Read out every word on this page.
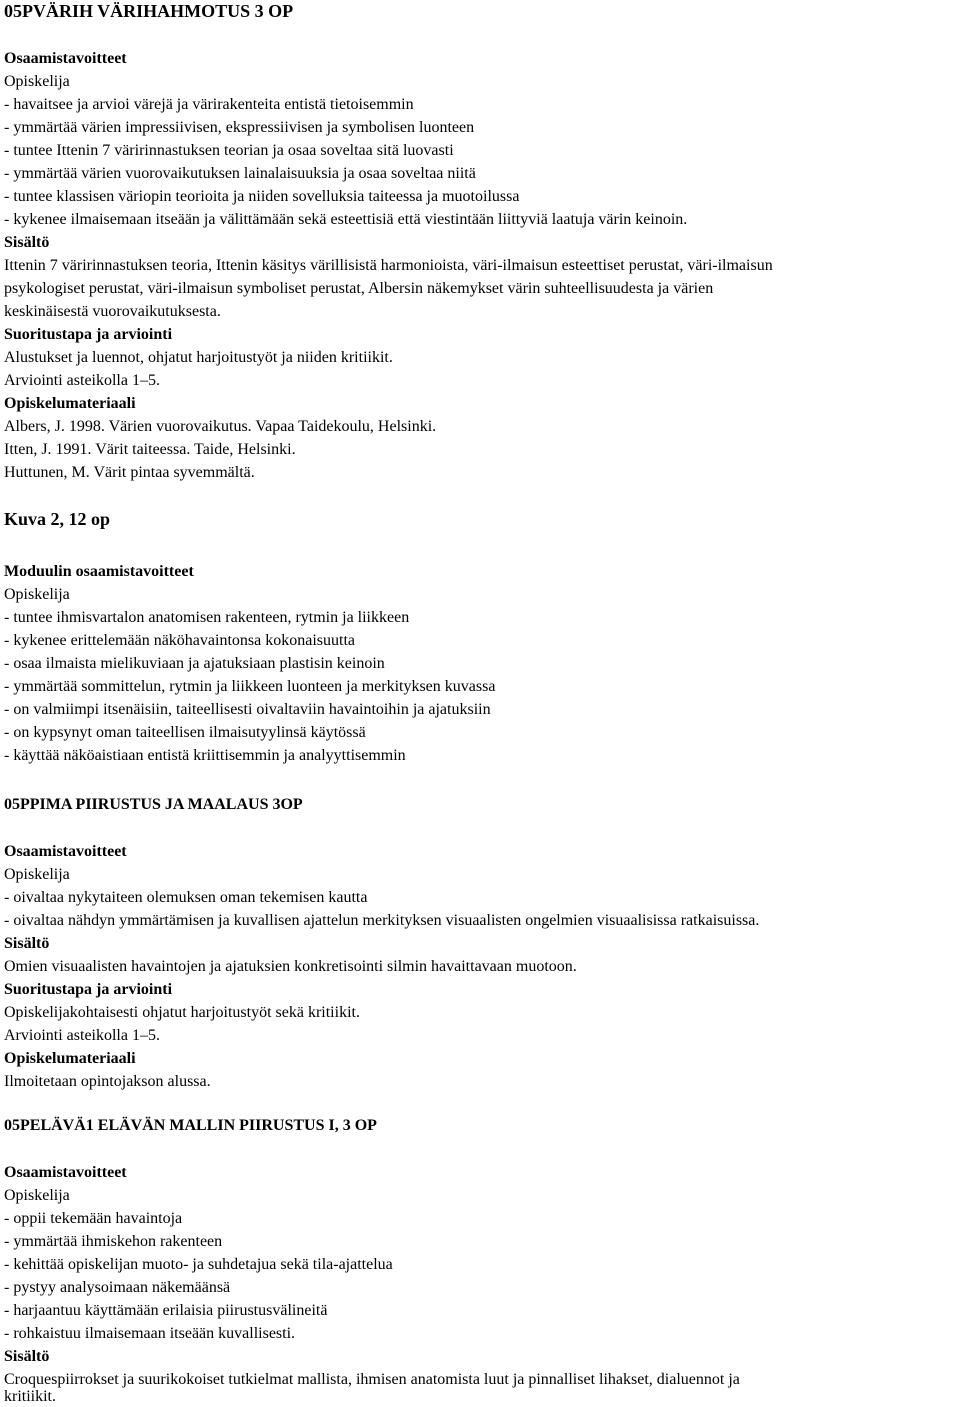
05PVÄRIH VÄRIHAHMOTUS 3 OP
Osaamistavoitteet
Opiskelija
- havaitsee ja arvioi värejä ja värirakenteita entistä tietoisemmin
- ymmärtää värien impressiivisen, ekspressiivisen ja symbolisen luonteen
- tuntee Ittenin 7 väririnnastuksen teorian ja osaa soveltaa sitä luovasti
- ymmärtää värien vuorovaikutuksen lainalaisuuksia ja osaa soveltaa niitä
- tuntee klassisen väriopin teorioita ja niiden sovelluksia taiteessa ja muotoilussa
- kykenee ilmaisemaan itseään ja välittämään sekä esteettisiä että viestintään liittyviä laatuja värin keinoin.
Sisältö
Ittenin 7 väririnnastuksen teoria, Ittenin käsitys värillisistä harmonioista, väri-ilmaisun esteettiset perustat, väri-ilmaisun
psykologiset perustat, väri-ilmaisun symboliset perustat, Albersin näkemykset värin suhteellisuudesta ja värien
keskinäisestä vuorovaikutuksesta.
Suoritustapa ja arviointi
Alustukset ja luennot, ohjatut harjoitustyöt ja niiden kritiikit.
Arviointi asteikolla 1–5.
Opiskelumateriaali
Albers, J. 1998. Värien vuorovaikutus. Vapaa Taidekoulu, Helsinki.
Itten, J. 1991. Värit taiteessa. Taide, Helsinki.
Huttunen, M. Värit pintaa syvemmältä.
Kuva 2, 12 op
Moduulin osaamistavoitteet
Opiskelija
- tuntee ihmisvartalon anatomisen rakenteen, rytmin ja liikkeen
- kykenee erittelemään näköhavaintonsa kokonaisuutta
- osaa ilmaista mielikuviaan ja ajatuksiaan plastisin keinoin
- ymmärtää sommittelun, rytmin ja liikkeen luonteen ja merkityksen kuvassa
- on valmiimpi itsenäisiin, taiteellisesti oivaltaviin havaintoihin ja ajatuksiin
- on kypsynyt oman taiteellisen ilmaisutyylinsä käytössä
- käyttää näköaistiaan entistä kriittisemmin ja analyyttisemmin
05PPIMA PIIRUSTUS JA MAALAUS 3OP
Osaamistavoitteet
Opiskelija
- oivaltaa nykytaiteen olemuksen oman tekemisen kautta
- oivaltaa nähdyn ymmärtämisen ja kuvallisen ajattelun merkityksen visuaalisten ongelmien visuaalisissa ratkaisuissa.
Sisältö
Omien visuaalisten havaintojen ja ajatuksien konkretisointi silmin havaittavaan muotoon.
Suoritustapa ja arviointi
Opiskelijakohtaisesti ohjatut harjoitustyöt sekä kritiikit.
Arviointi asteikolla 1–5.
Opiskelumateriaali
Ilmoitetaan opintojakson alussa.
05PELÄVÄ1 ELÄVÄN MALLIN PIIRUSTUS I, 3 OP
Osaamistavoitteet
Opiskelija
- oppii tekemään havaintoja
- ymmärtää ihmiskehon rakenteen
- kehittää opiskelijan muoto- ja suhdetajua sekä tila-ajattelua
- pystyy analysoimaan näkemäänsä
- harjaantuu käyttämään erilaisia piirustusvälineitä
- rohkaistuu ilmaisemaan itseään kuvallisesti.
Sisältö
Croquespiirrokset ja suurikokoiset tutkielmat mallista, ihmisen anatomista luut ja pinnalliset lihakset, dialuennot ja
kritiikit.
